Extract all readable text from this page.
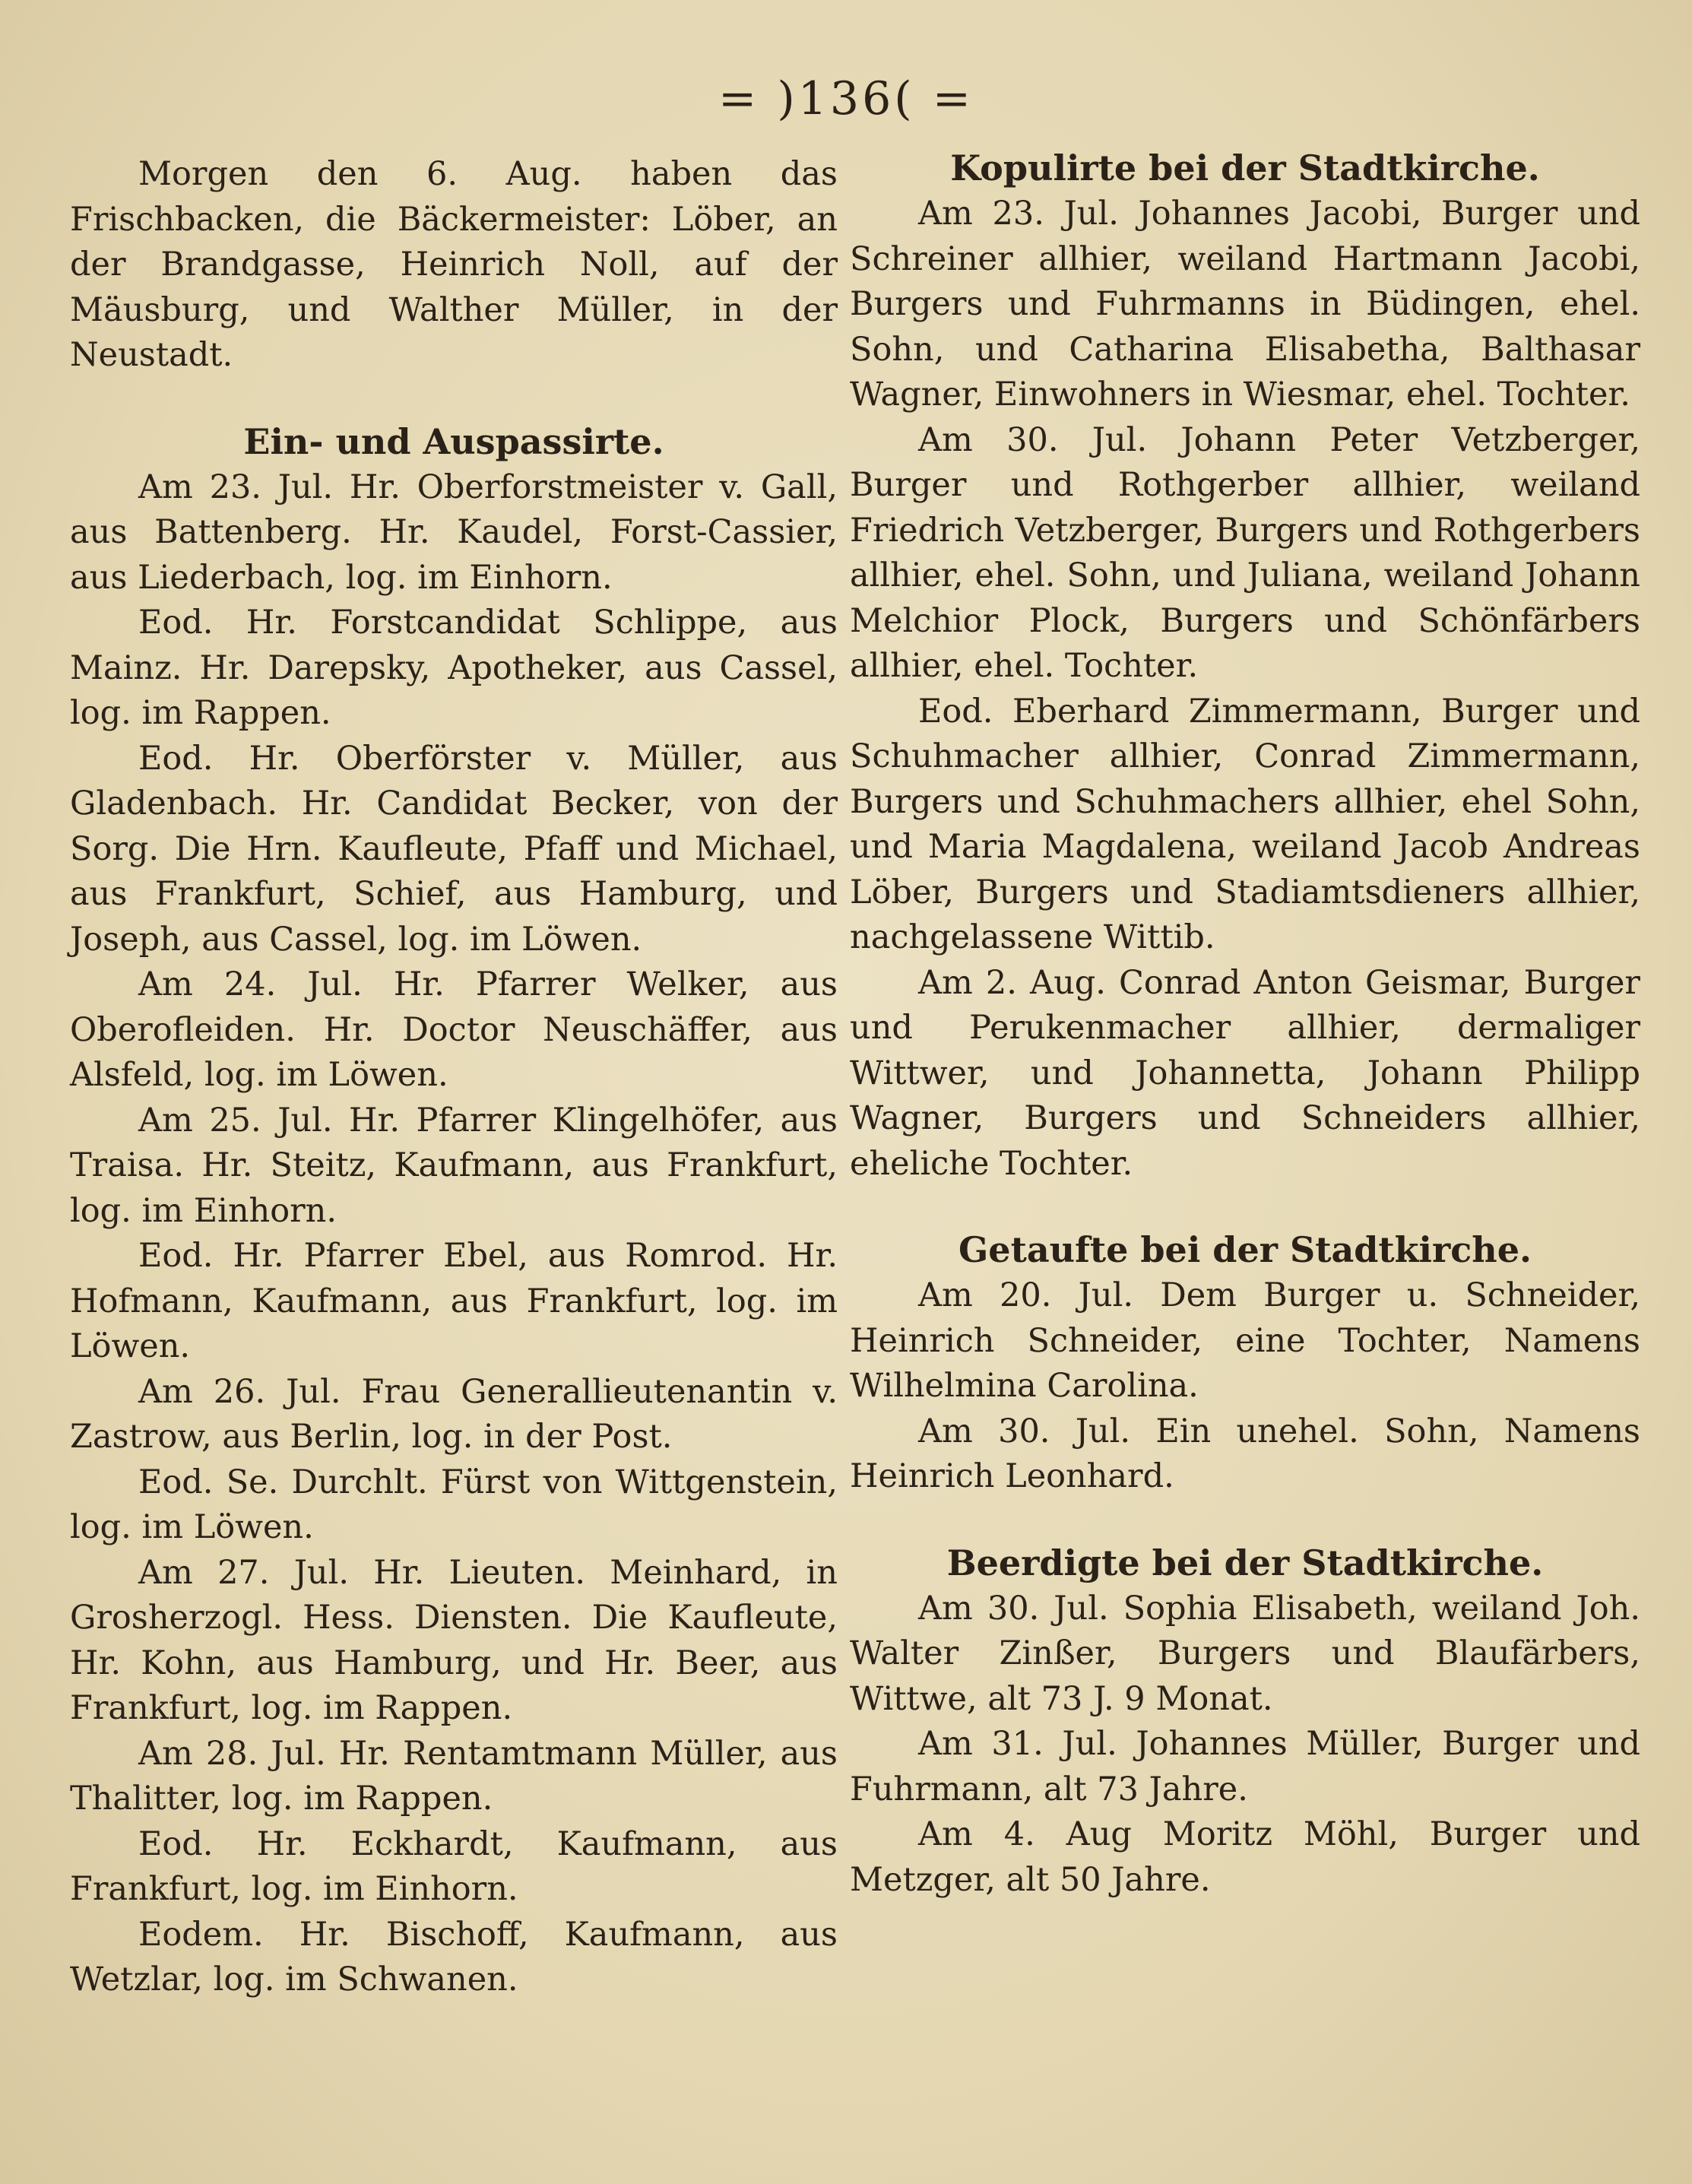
= )136( =

Morgen den 6. Aug. haben das Frischbacken, die Bäckermeister: Löber, an der Brandgasse, Heinrich Noll, auf der Mäusburg, und Walther Müller, in der Neustadt.

Ein- und Auspassirte.

Am 23. Jul. Hr. Oberforstmeister v. Gall, aus Battenberg. Hr. Kaudel, Forst-Cassier, aus Liederbach, log. im Einhorn.

Eod. Hr. Forstcandidat Schlippe, aus Mainz. Hr. Darepsky, Apotheker, aus Cassel, log. im Rappen.

Eod. Hr. Oberförster v. Müller, aus Gladenbach. Hr. Candidat Becker, von der Sorg. Die Hrn. Kaufleute, Pfaff und Michael, aus Frankfurt, Schief, aus Hamburg, und Joseph, aus Cassel, log. im Löwen.

Am 24. Jul. Hr. Pfarrer Welker, aus Oberofleiden. Hr. Doctor Neuschäffer, aus Alsfeld, log. im Löwen.

Am 25. Jul. Hr. Pfarrer Klingelhöfer, aus Traisa. Hr. Steitz, Kaufmann, aus Frankfurt, log. im Einhorn.

Eod. Hr. Pfarrer Ebel, aus Romrod. Hr. Hofmann, Kaufmann, aus Frankfurt, log. im Löwen.

Am 26. Jul. Frau Generallieutenantin v. Zastrow, aus Berlin, log. in der Post.

Eod. Se. Durchlt. Fürst von Wittgenstein, log. im Löwen.

Am 27. Jul. Hr. Lieuten. Meinhard, in Grosherzogl. Hess. Diensten. Die Kaufleute, Hr. Kohn, aus Hamburg, und Hr. Beer, aus Frankfurt, log. im Rappen.

Am 28. Jul. Hr. Rentamtmann Müller, aus Thalitter, log. im Rappen.

Eod. Hr. Eckhardt, Kaufmann, aus Frankfurt, log. im Einhorn.

Eodem. Hr. Bischoff, Kaufmann, aus Wetzlar, log. im Schwanen.

Kopulirte bei der Stadtkirche.

Am 23. Jul. Johannes Jacobi, Burger und Schreiner allhier, weiland Hartmann Jacobi, Burgers und Fuhrmanns in Büdingen, ehel. Sohn, und Catharina Elisabetha, Balthasar Wagner, Einwohners in Wiesmar, ehel. Tochter.

Am 30. Jul. Johann Peter Vetzberger, Burger und Rothgerber allhier, weiland Friedrich Vetzberger, Burgers und Rothgerbers allhier, ehel. Sohn, und Juliana, weiland Johann Melchior Plock, Burgers und Schönfärbers allhier, ehel. Tochter.

Eod. Eberhard Zimmermann, Burger und Schuhmacher allhier, Conrad Zimmermann, Burgers und Schuhmachers allhier, ehel Sohn, und Maria Magdalena, weiland Jacob Andreas Löber, Burgers und Stadiamtsdieners allhier, nachgelassene Wittib.

Am 2. Aug. Conrad Anton Geismar, Burger und Perukenmacher allhier, dermaliger Wittwer, und Johannetta, Johann Philipp Wagner, Burgers und Schneiders allhier, eheliche Tochter.

Getaufte bei der Stadtkirche.

Am 20. Jul. Dem Burger u. Schneider, Heinrich Schneider, eine Tochter, Namens Wilhelmina Carolina.

Am 30. Jul. Ein unehel. Sohn, Namens Heinrich Leonhard.

Beerdigte bei der Stadtkirche.

Am 30. Jul. Sophia Elisabeth, weiland Joh. Walter Zinßer, Burgers und Blaufärbers, Wittwe, alt 73 J. 9 Monat.

Am 31. Jul. Johannes Müller, Burger und Fuhrmann, alt 73 Jahre.

Am 4. Aug Moritz Möhl, Burger und Metzger, alt 50 Jahre.
